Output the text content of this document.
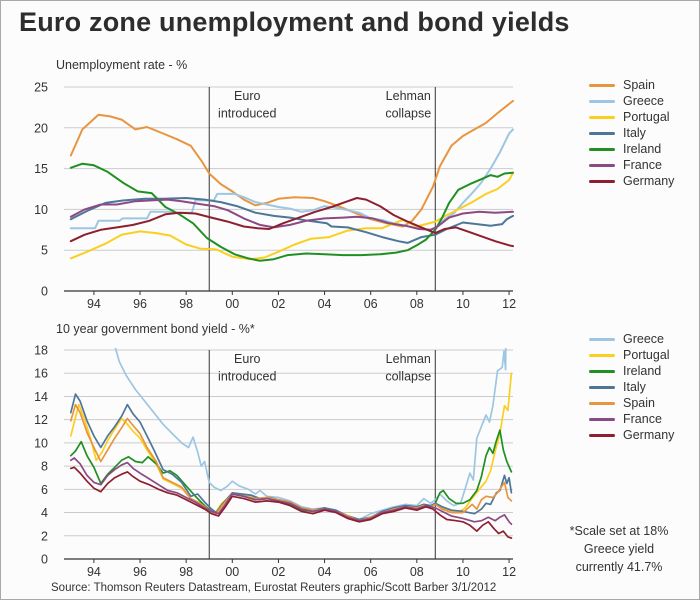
Euro zone unemployment and bond yields
Unemployment rate - %
0
5
10
15
20
25
94	96	98	00	02	04	06	08	10	12
Euro
introduced
Lehman
collapse
Spain
Greece
Portugal
Italy
Ireland
France
Germany
10 year government bond yield - %*
0
2
4
6
8
10
12
14
16
18
94	96	98	00	02	04	06	08	10	12
Euro
introduced
Lehman
collapse
Greece
Portugal
Ireland
Italy
Spain
France
Germany
*Scale set at 18%
Greece yield
currently 41.7%
Source: Thomson Reuters Datastream, Eurostat Reuters graphic/Scott Barber 3/1/2012
